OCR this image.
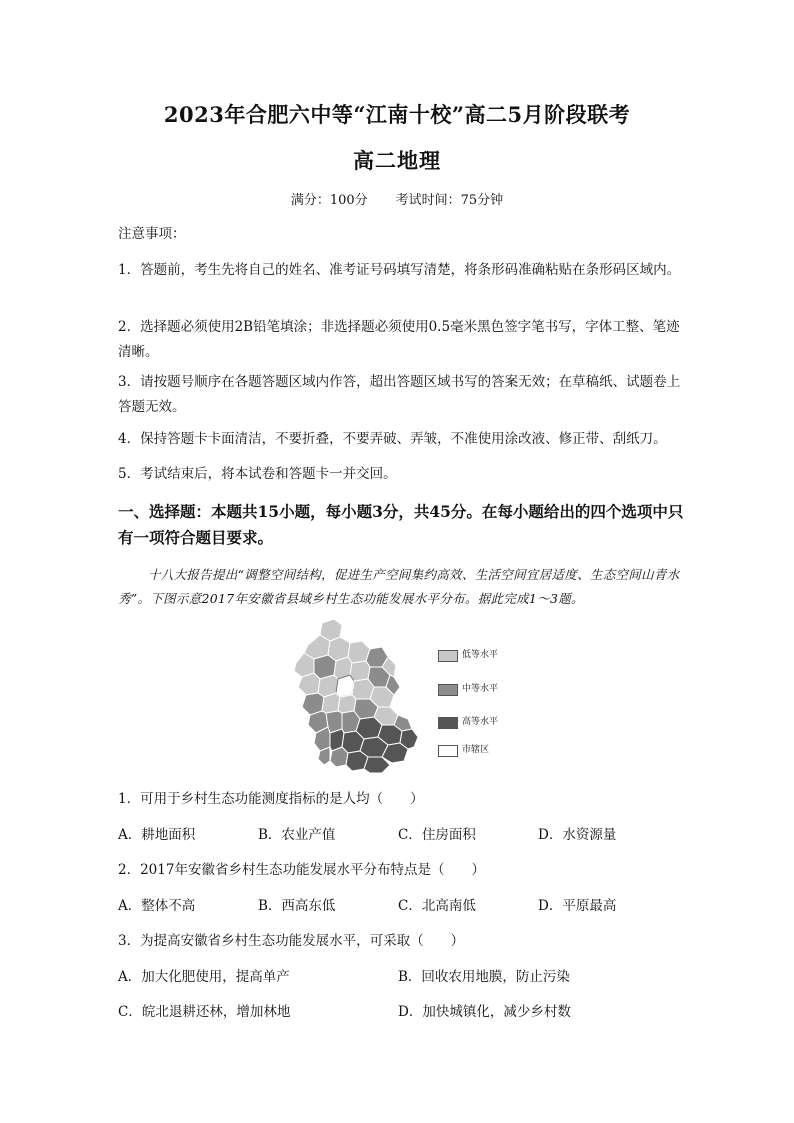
2023年合肥六中等“江南十校”高二5月阶段联考
高二地理
满分：100分 考试时间：75分钟
注意事项：
1．答题前，考生先将自己的姓名、准考证号码填写清楚，将条形码准确粘贴在条形码区域内。
2．选择题必须使用2B铅笔填涂；非选择题必须使用0.5毫米黑色签字笔书写，字体工整、笔迹清晰。
3．请按题号顺序在各题答题区域内作答，超出答题区域书写的答案无效；在草稿纸、试题卷上答题无效。
4．保持答题卡卡面清洁，不要折叠，不要弄破、弄皱，不准使用涂改液、修正带、刮纸刀。
5．考试结束后，将本试卷和答题卡一并交回。
一、选择题：本题共15小题，每小题3分，共45分。在每小题给出的四个选项中只有一项符合题目要求。
十八大报告提出“调整空间结构，促进生产空间集约高效、生活空间宜居适度、生态空间山青水秀”。下图示意2017年安徽省县域乡村生态功能发展水平分布。据此完成1～3题。
低等水平
中等水平
高等水平
市辖区
1．可用于乡村生态功能测度指标的是人均（　　）
A．耕地面积	B．农业产值	C．住房面积	D．水资源量
2．2017年安徽省乡村生态功能发展水平分布特点是（　　）
A．整体不高	B．西高东低	C．北高南低	D．平原最高
3．为提高安徽省乡村生态功能发展水平，可采取（　　）
A．加大化肥使用，提高单产	B．回收农用地膜，防止污染
C．皖北退耕还林，增加林地	D．加快城镇化，减少乡村数
